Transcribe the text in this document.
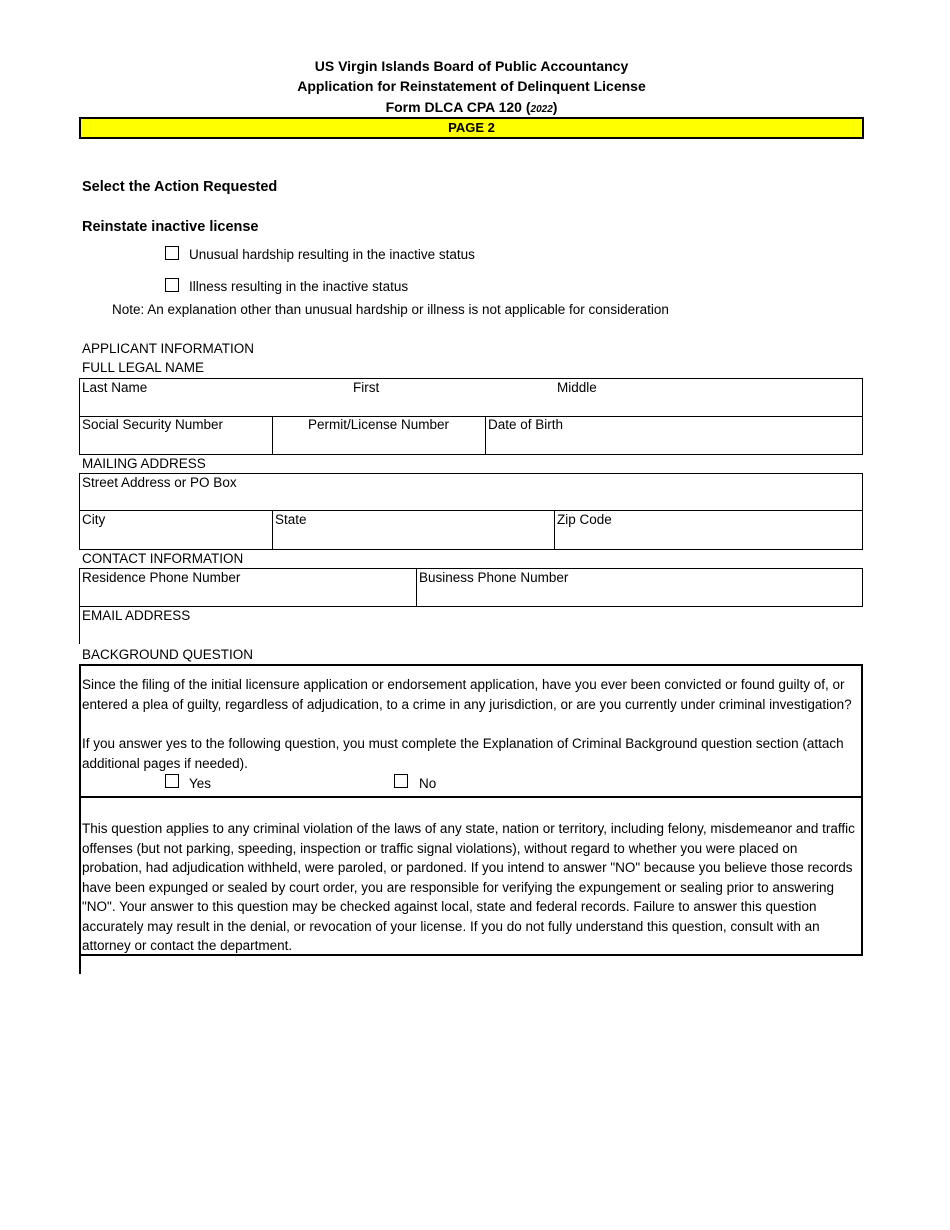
US Virgin Islands Board of Public Accountancy
Application for Reinstatement of Delinquent License
Form DLCA CPA 120 (2022)
PAGE 2
Select the Action Requested
Reinstate inactive license
Unusual hardship resulting in the inactive status
Illness resulting in the inactive status
Note: An explanation other than unusual hardship or illness is not applicable for consideration
APPLICANT INFORMATION
FULL LEGAL NAME
Last Name	First	Middle
Social Security Number	Permit/License Number	Date of Birth
MAILING ADDRESS
Street Address or PO Box
City	State	Zip Code
CONTACT INFORMATION
Residence Phone Number	Business Phone Number
EMAIL ADDRESS
BACKGROUND QUESTION
Since the filing of the initial licensure application or endorsement application, have you ever been convicted or found guilty of, or entered a plea of guilty, regardless of adjudication, to a crime in any jurisdiction, or are you currently under criminal investigation?
If you answer yes to the following question, you must complete the Explanation of Criminal Background question section (attach additional pages if needed).
Yes	No
This question applies to any criminal violation of the laws of any state, nation or territory, including felony, misdemeanor and traffic offenses (but not parking, speeding, inspection or traffic signal violations), without regard to whether you were placed on probation, had adjudication withheld, were paroled, or pardoned. If you intend to answer "NO" because you believe those records have been expunged or sealed by court order, you are responsible for verifying the expungement or sealing prior to answering "NO". Your answer to this question may be checked against local, state and federal records. Failure to answer this question accurately may result in the denial, or revocation of your license. If you do not fully understand this question, consult with an attorney or contact the department.
